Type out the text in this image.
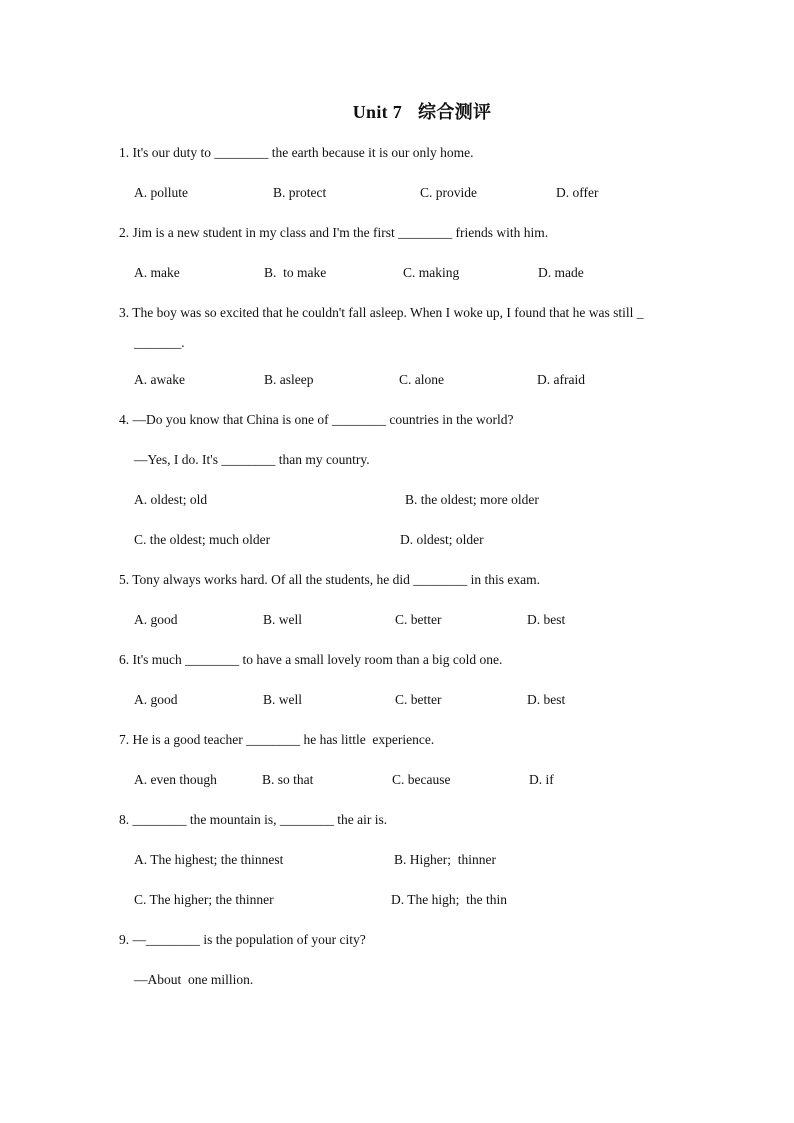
Unit 7 综合测评
1. It's our duty to ________ the earth because it is our only home.
A. pollute	B. protect	C. provide	D. offer
2. Jim is a new student in my class and I'm the first ________ friends with him.
A. make	B.  to make	C. making	D. made
3. The boy was so excited that he couldn't fall asleep. When I woke up, I found that he was still _
_______.
A. awake	B. asleep	C. alone	D. afraid
4. —Do you know that China is one of ________ countries in the world?
—Yes, I do. It's ________ than my country.
A. oldest; old	B. the oldest; more older
C. the oldest; much older	D. oldest; older
5. Tony always works hard. Of all the students, he did ________ in this exam.
A. good	B. well	C. better	D. best
6. It's much ________ to have a small lovely room than a big cold one.
A. good	B. well	C. better	D. best
7. He is a good teacher ________ he has little  experience.
A. even though	B. so that	C. because	D. if
8. ________ the mountain is, ________ the air is.
A. The highest; the thinnest	B. Higher;  thinner
C. The higher; the thinner	D. The high;  the thin
9. —________ is the population of your city?
—About  one million.
